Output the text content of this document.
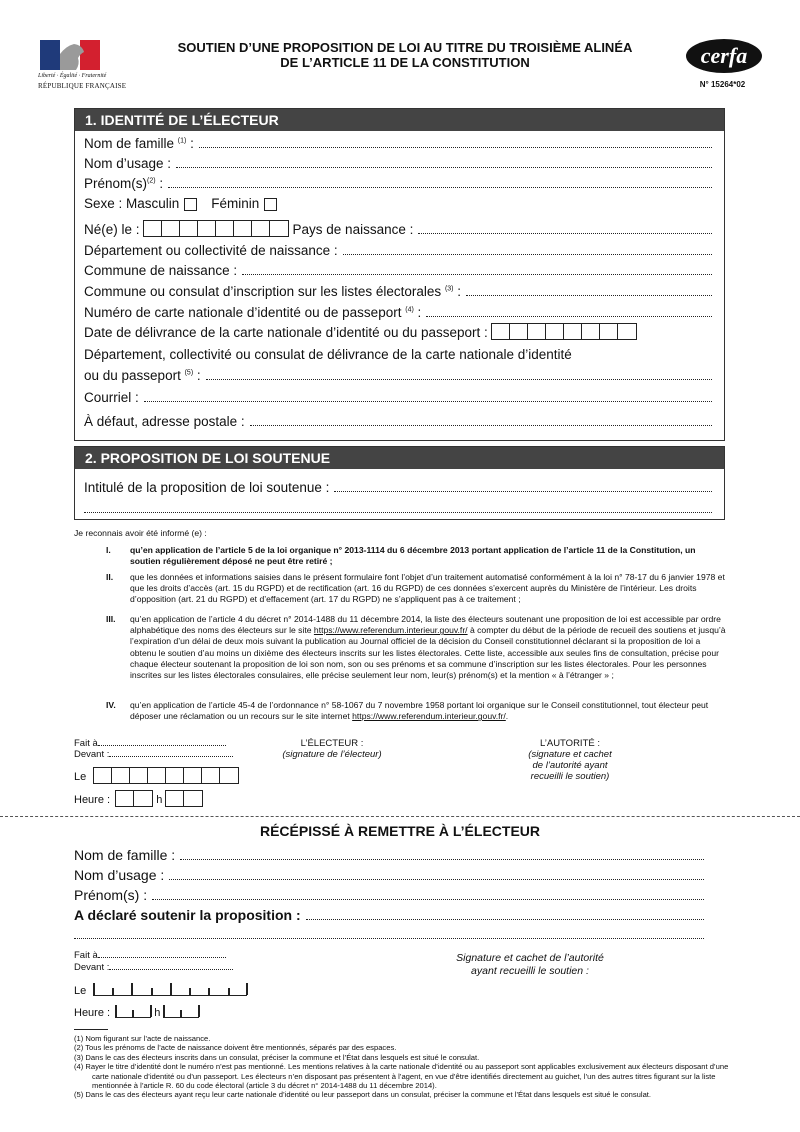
Liberté · Égalité · Fraternité
RÉPUBLIQUE FRANÇAISE
SOUTIEN D’UNE PROPOSITION DE LOI AU TITRE DU TROISIÈME ALINÉA
DE L’ARTICLE 11 DE LA CONSTITUTION	cerfa
N° 15264*02
1. IDENTITÉ DE L’ÉLECTEUR
Nom de famille $^{(1)}$ :
Nom d’usage :
$Prénom(s)^{(2)}$ :
Sexe : Masculin Féminin
Né(e) le :	Pays de naissance :
Département ou collectivité de naissance :
Commune de naissance :
Commune ou consulat d’inscription sur les listes électorales $^{(3)}$ :
Numéro de carte nationale d’identité ou de passeport $^{(4)}$ :
Date de délivrance de la carte nationale d’identité ou du passeport :
Département, collectivité ou consulat de délivrance de la carte nationale d’identité
ou du passeport $^{(5)}$ :
Courriel :
À défaut, adresse postale :
2. PROPOSITION DE LOI SOUTENUE
Intitulé de la proposition de loi soutenue :
Je reconnais avoir été informé (e) :
I.	qu’en application de l’article 5 de la loi organique n° 2013-1114 du 6 décembre 2013 portant application de l’article 11 de la Constitution, un soutien régulièrement déposé ne peut être retiré ;
II.	que les données et informations saisies dans le présent formulaire font l’objet d’un traitement automatisé conformément à la loi n° 78-17 du 6 janvier 1978 et que les droits d’accès (art. 15 du RGPD) et de rectification (art. 16 du RGPD) de ces données s’exercent auprès du Ministère de l’intérieur. Les droits d’opposition (art. 21 du RGPD) et d’effacement (art. 17 du RGPD) ne s’appliquent pas à ce traitement ;
III.	qu’en application de l’article 4 du décret n° 2014-1488 du 11 décembre 2014, la liste des électeurs soutenant une proposition de loi est accessible par ordre alphabétique des noms des électeurs sur le site https://www.referendum.interieur.gouv.fr/ à compter du début de la période de recueil des soutiens et jusqu’à l’expiration d’un délai de deux mois suivant la publication au Journal officiel de la décision du Conseil constitutionnel déclarant si la proposition de loi a obtenu le soutien d’au moins un dixième des électeurs inscrits sur les listes électorales. Cette liste, accessible aux seules fins de consultation, précise pour chaque électeur soutenant la proposition de loi son nom, son ou ses prénoms et sa commune d’inscription sur les listes électorales. Pour les personnes inscrites sur les listes électorales consulaires, elle précise seulement leur nom, leur(s) prénom(s) et la mention « à l’étranger » ;
IV.	qu’en application de l’article 45-4 de l’ordonnance n° 58-1067 du 7 novembre 1958 portant loi organique sur le Conseil constitutionnel, tout électeur peut déposer une réclamation ou un recours sur le site internet https://www.referendum.interieur.gouv.fr/.
Fait à
Devant :
Le
Heure :	h
L’ÉLECTEUR :
(signature de l’électeur)
L’AUTORITÉ :
(signature et cachet
de l’autorité ayant
recueilli le soutien)
RÉCÉPISSÉ À REMETTRE À L’ÉLECTEUR
Nom de famille :
Nom d’usage :
Prénom(s) :
A déclaré soutenir la proposition :
Fait à
Devant :
Le
Heure :	h
Signature et cachet de l’autorité
ayant recueilli le soutien :
(1) Nom figurant sur l’acte de naissance.
(2) Tous les prénoms de l’acte de naissance doivent être mentionnés, séparés par des espaces.
(3) Dans le cas des électeurs inscrits dans un consulat, préciser la commune et l’État dans lesquels est situé le consulat.
(4) Rayer le titre d’identité dont le numéro n’est pas mentionné. Les mentions relatives à la carte nationale d’identité ou au passeport sont applicables exclusivement aux électeurs disposant d’une carte nationale d’identité ou d’un passeport. Les électeurs n’en disposant pas présentent à l’agent, en vue d’être identifiés directement au guichet, l’un des autres titres figurant sur la liste mentionnée à l’article R. 60 du code électoral (article 3 du décret n° 2014-1488 du 11 décembre 2014).
(5) Dans le cas des électeurs ayant reçu leur carte nationale d’identité ou leur passeport dans un consulat, préciser la commune et l’État dans lesquels est situé le consulat.
